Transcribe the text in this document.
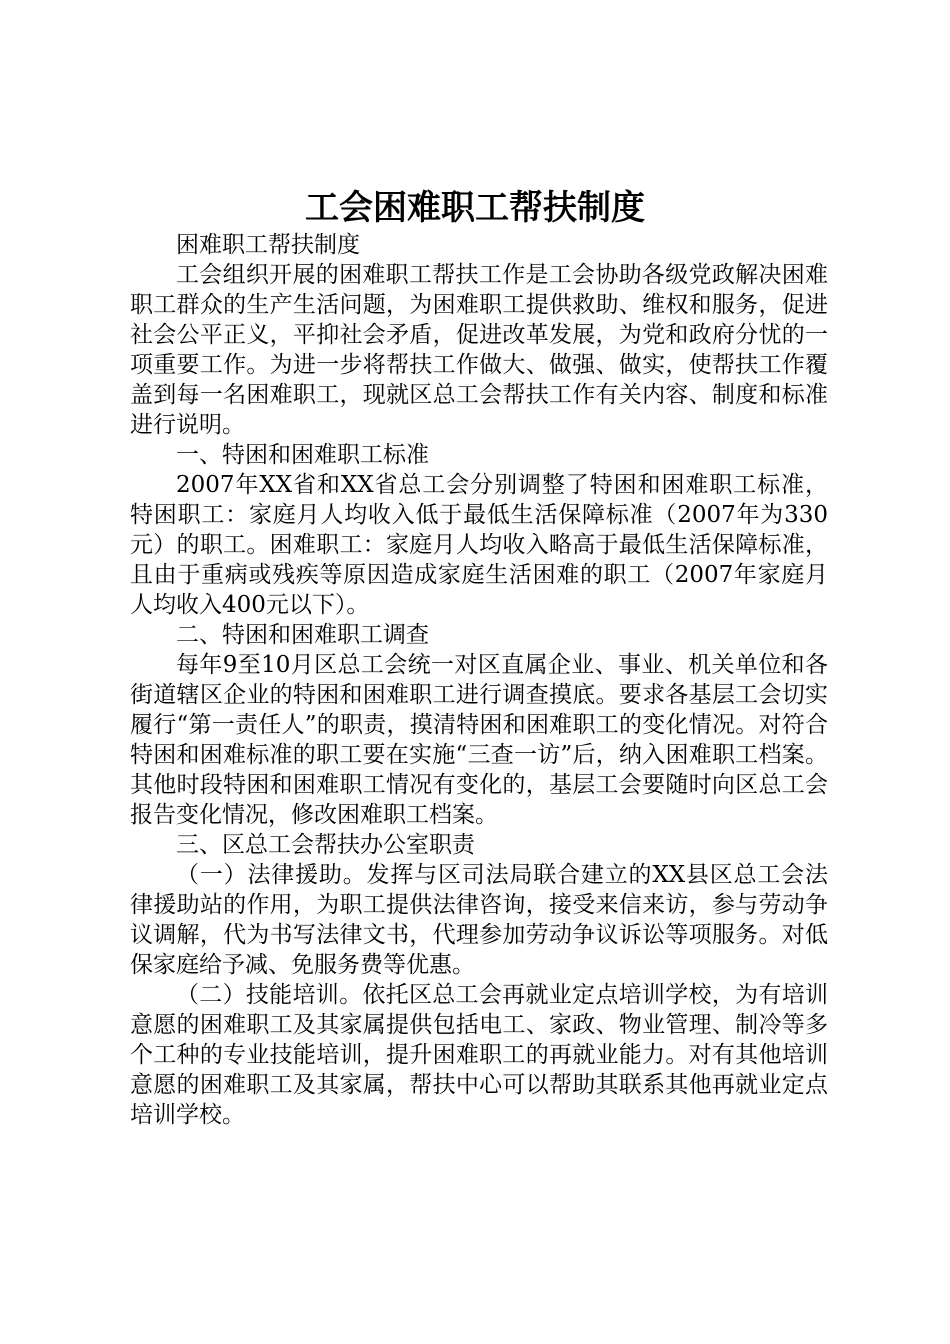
工会困难职工帮扶制度

困难职工帮扶制度

工会组织开展的困难职工帮扶工作是工会协助各级党政解决困难职工群众的生产生活问题，为困难职工提供救助、维权和服务，促进社会公平正义，平抑社会矛盾，促进改革发展，为党和政府分忧的一项重要工作。为进一步将帮扶工作做大、做强、做实，使帮扶工作覆盖到每一名困难职工，现就区总工会帮扶工作有关内容、制度和标准进行说明。

一、特困和困难职工标准

2007年XX省和XX省总工会分别调整了特困和困难职工标准，特困职工：家庭月人均收入低于最低生活保障标准（2007年为330元）的职工。困难职工：家庭月人均收入略高于最低生活保障标准，且由于重病或残疾等原因造成家庭生活困难的职工（2007年家庭月人均收入400元以下）。

二、特困和困难职工调查

每年9至10月区总工会统一对区直属企业、事业、机关单位和各街道辖区企业的特困和困难职工进行调查摸底。要求各基层工会切实履行“第一责任人”的职责，摸清特困和困难职工的变化情况。对符合特困和困难标准的职工要在实施“三查一访”后，纳入困难职工档案。其他时段特困和困难职工情况有变化的，基层工会要随时向区总工会报告变化情况，修改困难职工档案。

三、区总工会帮扶办公室职责

（一）法律援助。发挥与区司法局联合建立的XX县区总工会法律援助站的作用，为职工提供法律咨询，接受来信来访，参与劳动争议调解，代为书写法律文书，代理参加劳动争议诉讼等项服务。对低保家庭给予减、免服务费等优惠。

（二）技能培训。依托区总工会再就业定点培训学校，为有培训意愿的困难职工及其家属提供包括电工、家政、物业管理、制冷等多个工种的专业技能培训，提升困难职工的再就业能力。对有其他培训意愿的困难职工及其家属，帮扶中心可以帮助其联系其他再就业定点培训学校。
